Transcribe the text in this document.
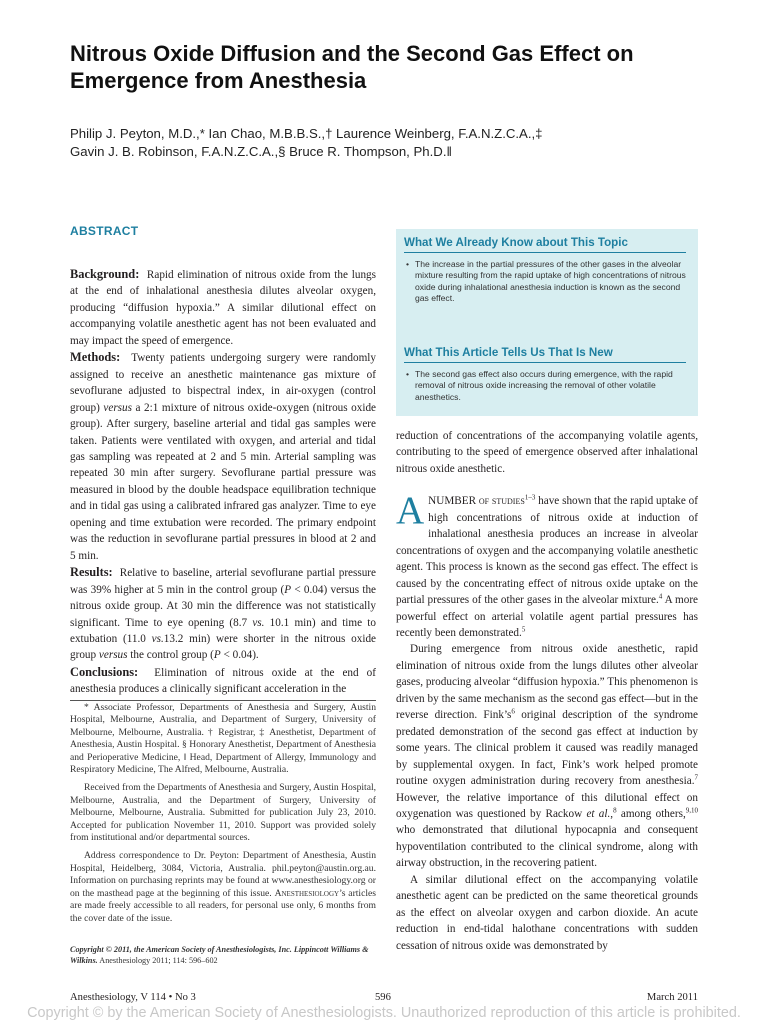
Nitrous Oxide Diffusion and the Second Gas Effect on Emergence from Anesthesia
Philip J. Peyton, M.D.,* Ian Chao, M.B.B.S.,† Laurence Weinberg, F.A.N.Z.C.A.,‡
Gavin J. B. Robinson, F.A.N.Z.C.A.,§ Bruce R. Thompson, Ph.D.‖
ABSTRACT

Background: Rapid elimination of nitrous oxide from the lungs at the end of inhalational anesthesia dilutes alveolar oxygen, producing “diffusion hypoxia.” A similar dilutional effect on accompanying volatile anesthetic agent has not been evaluated and may impact the speed of emergence.

Methods: Twenty patients undergoing surgery were randomly assigned to receive an anesthetic maintenance gas mixture of sevoflurane adjusted to bispectral index, in air-oxygen (control group) versus a 2:1 mixture of nitrous oxide-oxygen (nitrous oxide group). After surgery, baseline arterial and tidal gas samples were taken. Patients were ventilated with oxygen, and arterial and tidal gas sampling was repeated at 2 and 5 min. Arterial sampling was repeated 30 min after surgery. Sevoflurane partial pressure was measured in blood by the double headspace equilibration technique and in tidal gas using a calibrated infrared gas analyzer. Time to eye opening and time extubation were recorded. The primary endpoint was the reduction in sevoflurane partial pressures in blood at 2 and 5 min.

Results: Relative to baseline, arterial sevoflurane partial pressure was 39% higher at 5 min in the control group (P < 0.04) versus the nitrous oxide group. At 30 min the difference was not statistically significant. Time to eye opening (8.7 vs. 10.1 min) and time to extubation (11.0 vs.13.2 min) were shorter in the nitrous oxide group versus the control group (P < 0.04).

Conclusions: Elimination of nitrous oxide at the end of anesthesia produces a clinically significant acceleration in the

* Associate Professor, Departments of Anesthesia and Surgery, Austin Hospital, Melbourne, Australia, and Department of Surgery, University of Melbourne, Melbourne, Australia. † Registrar, ‡ Anesthetist, Department of Anesthesia, Austin Hospital. § Honorary Anesthetist, Department of Anesthesia and Perioperative Medicine, ‖ Head, Department of Allergy, Immunology and Respiratory Medicine, The Alfred, Melbourne, Australia.

Received from the Departments of Anesthesia and Surgery, Austin Hospital, Melbourne, Australia, and the Department of Surgery, University of Melbourne, Melbourne, Australia. Submitted for publication July 23, 2010. Accepted for publication November 11, 2010. Support was provided solely from institutional and/or departmental sources.

Address correspondence to Dr. Peyton: Department of Anesthesia, Austin Hospital, Heidelberg, 3084, Victoria, Australia. phil.peyton@austin.org.au. Information on purchasing reprints may be found at www.anesthesiology.org or on the masthead page at the beginning of this issue. Anesthesiology’s articles are made freely accessible to all readers, for personal use only, 6 months from the cover date of the issue.

Copyright © 2011, the American Society of Anesthesiologists, Inc. Lippincott Williams & Wilkins. Anesthesiology 2011; 114: 596–602
What We Already Know about This Topic
• The increase in the partial pressures of the other gases in the alveolar mixture resulting from the rapid uptake of high concentrations of nitrous oxide during inhalational anesthesia induction is known as the second gas effect.
What This Article Tells Us That Is New
• The second gas effect also occurs during emergence, with the rapid removal of nitrous oxide increasing the removal of other volatile anesthetics.

reduction of concentrations of the accompanying volatile agents, contributing to the speed of emergence observed after inhalational nitrous oxide anesthetic.

ANUMBER of studies$^{1-3}$ have shown that the rapid uptake of high concentrations of nitrous oxide at induction of inhalational anesthesia produces an increase in alveolar concentrations of oxygen and the accompanying volatile anesthetic agent. This process is known as the second gas effect. The effect is caused by the concentrating effect of nitrous oxide uptake on the partial pressures of the other gases in the alveolar mixture.$^4$ A more powerful effect on arterial volatile agent partial pressures has recently been demonstrated.$^5$

During emergence from nitrous oxide anesthetic, rapid elimination of nitrous oxide from the lungs dilutes other alveolar gases, producing alveolar “diffusion hypoxia.” This phenomenon is driven by the same mechanism as the second gas effect—but in the reverse direction. $Fink’s^6$ original description of the syndrome predated demonstration of the second gas effect at induction by some years. The clinical problem it caused was readily managed by supplemental oxygen. In fact, Fink’s work helped promote routine oxygen administration during recovery from anesthesia.$^7$ However, the relative importance of this dilutional effect on oxygenation was questioned by Rackow et al.,$^8$ among others,$^{9,10}$ who demonstrated that dilutional hypocapnia and consequent hypoventilation contributed to the clinical syndrome, along with airway obstruction, in the recovering patient.

A similar dilutional effect on the accompanying volatile anesthetic agent can be predicted on the same theoretical grounds as the effect on alveolar oxygen and carbon dioxide. An acute reduction in end-tidal halothane concentrations with sudden cessation of nitrous oxide was demonstrated by

Anesthesiology, V 114 • No 3	596	March 2011
Copyright © by the American Society of Anesthesiologists. Unauthorized reproduction of this article is prohibited.
